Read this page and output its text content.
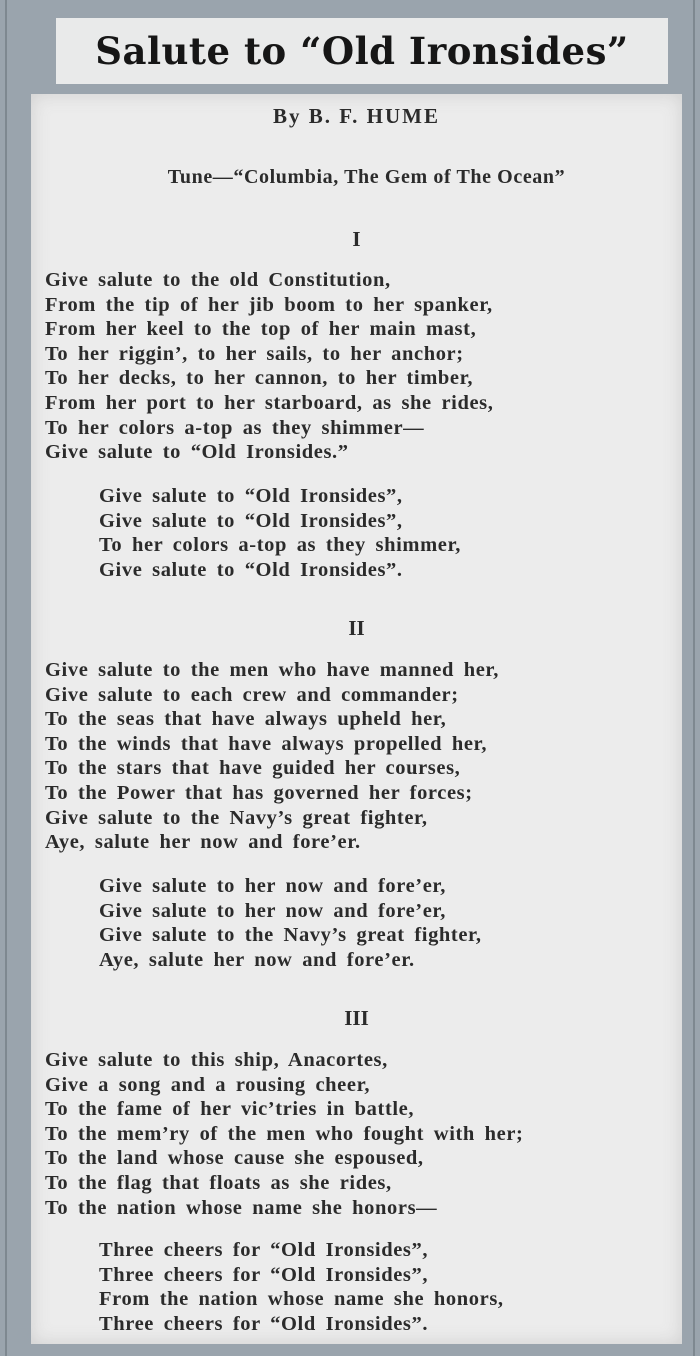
Salute to “Old Ironsides”
By B. F. HUME
Tune—“Columbia, The Gem of The Ocean”
I
Give salute to the old Constitution,
From the tip of her jib boom to her spanker,
From her keel to the top of her main mast,
To her riggin’, to her sails, to her anchor;
To her decks, to her cannon, to her timber,
From her port to her starboard, as she rides,
To her colors a-top as they shimmer—
Give salute to “Old Ironsides.”
Give salute to “Old Ironsides”,
Give salute to “Old Ironsides”,
To her colors a-top as they shimmer,
Give salute to “Old Ironsides”.
II
Give salute to the men who have manned her,
Give salute to each crew and commander;
To the seas that have always upheld her,
To the winds that have always propelled her,
To the stars that have guided her courses,
To the Power that has governed her forces;
Give salute to the Navy’s great fighter,
Aye, salute her now and fore’er.
Give salute to her now and fore’er,
Give salute to her now and fore’er,
Give salute to the Navy’s great fighter,
Aye, salute her now and fore’er.
III
Give salute to this ship, Anacortes,
Give a song and a rousing cheer,
To the fame of her vic’tries in battle,
To the mem’ry of the men who fought with her;
To the land whose cause she espoused,
To the flag that floats as she rides,
To the nation whose name she honors—
Three cheers for “Old Ironsides”,
Three cheers for “Old Ironsides”,
From the nation whose name she honors,
Three cheers for “Old Ironsides”.
